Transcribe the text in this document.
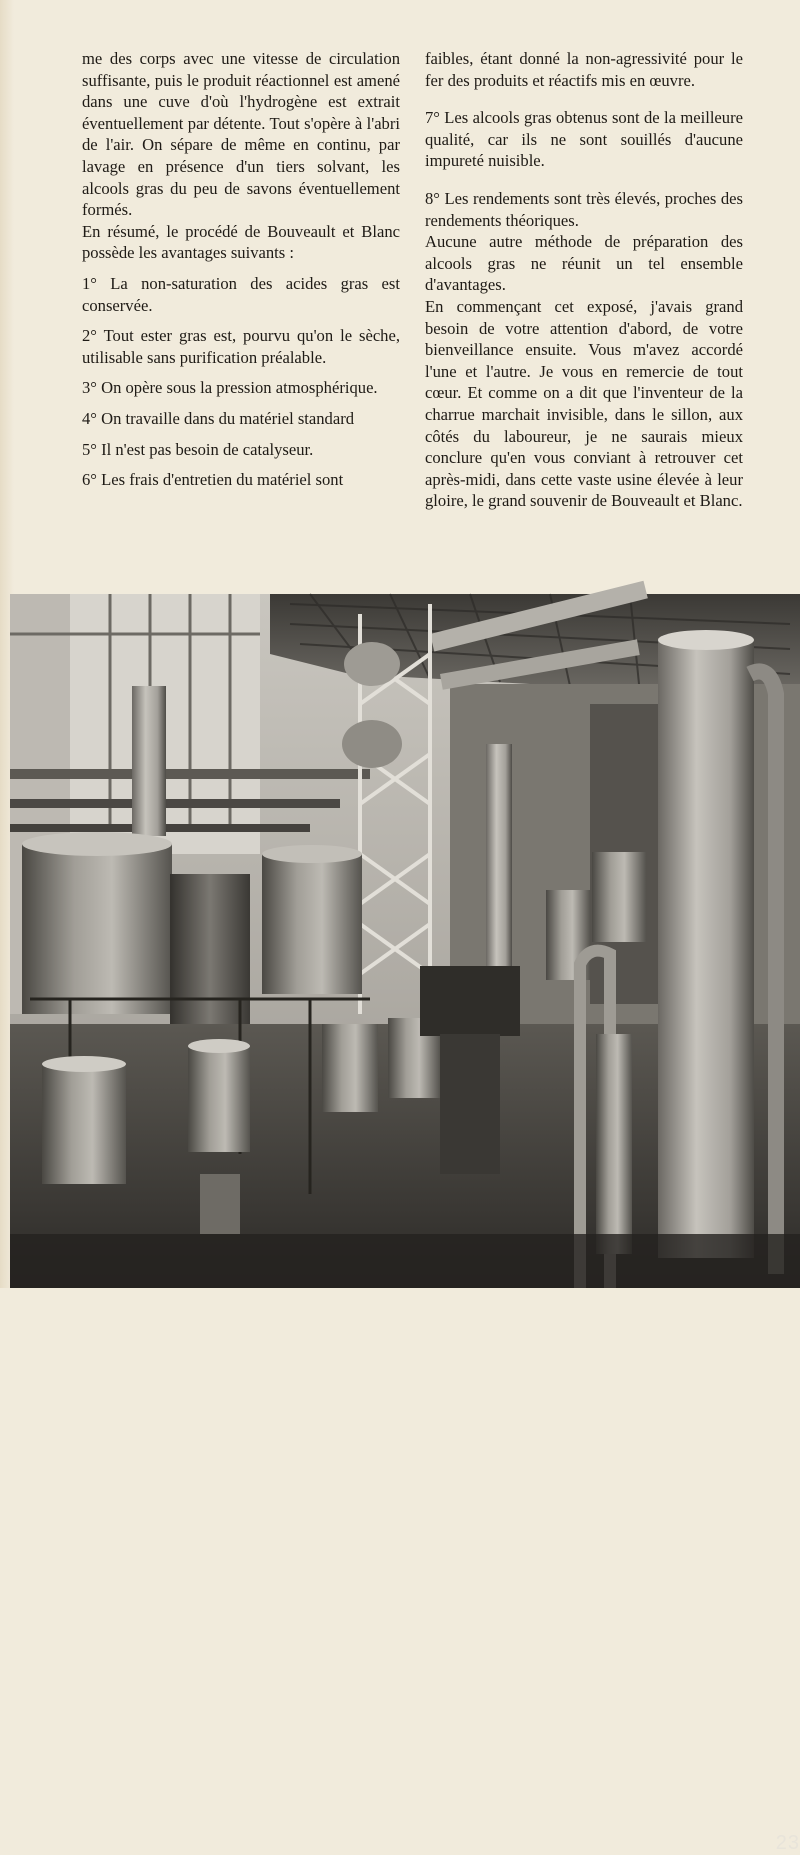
me des corps avec une vitesse de circulation suffisante, puis le produit réactionnel est amené dans une cuve d'où l'hydrogène est extrait éventuellement par détente. Tout s'opère à l'abri de l'air. On sépare de même en continu, par lavage en présence d'un tiers solvant, les alcools gras du peu de savons éventuellement formés.

En résumé, le procédé de Bouveault et Blanc possède les avantages suivants :

1° La non-saturation des acides gras est conservée.

2° Tout ester gras est, pourvu qu'on le sèche, utilisable sans purification préalable.

3° On opère sous la pression atmosphérique.

4° On travaille dans du matériel standard

5° Il n'est pas besoin de catalyseur.

6° Les frais d'entretien du matériel sont

faibles, étant donné la non-agressivité pour le fer des produits et réactifs mis en œuvre.

7° Les alcools gras obtenus sont de la meilleure qualité, car ils ne sont souillés d'aucune impureté nuisible.

8° Les rendements sont très élevés, proches des rendements théoriques.

Aucune autre méthode de préparation des alcools gras ne réunit un tel ensemble d'avantages.

En commençant cet exposé, j'avais grand besoin de votre attention d'abord, de votre bienveillance ensuite. Vous m'avez accordé l'une et l'autre. Je vous en remercie de tout cœur. Et comme on a dit que l'inventeur de la charrue marchait invisible, dans le sillon, aux côtés du laboureur, je ne saurais mieux conclure qu'en vous conviant à retrouver cet après-midi, dans cette vaste usine élevée à leur gloire, le grand souvenir de Bouveault et Blanc.

23
